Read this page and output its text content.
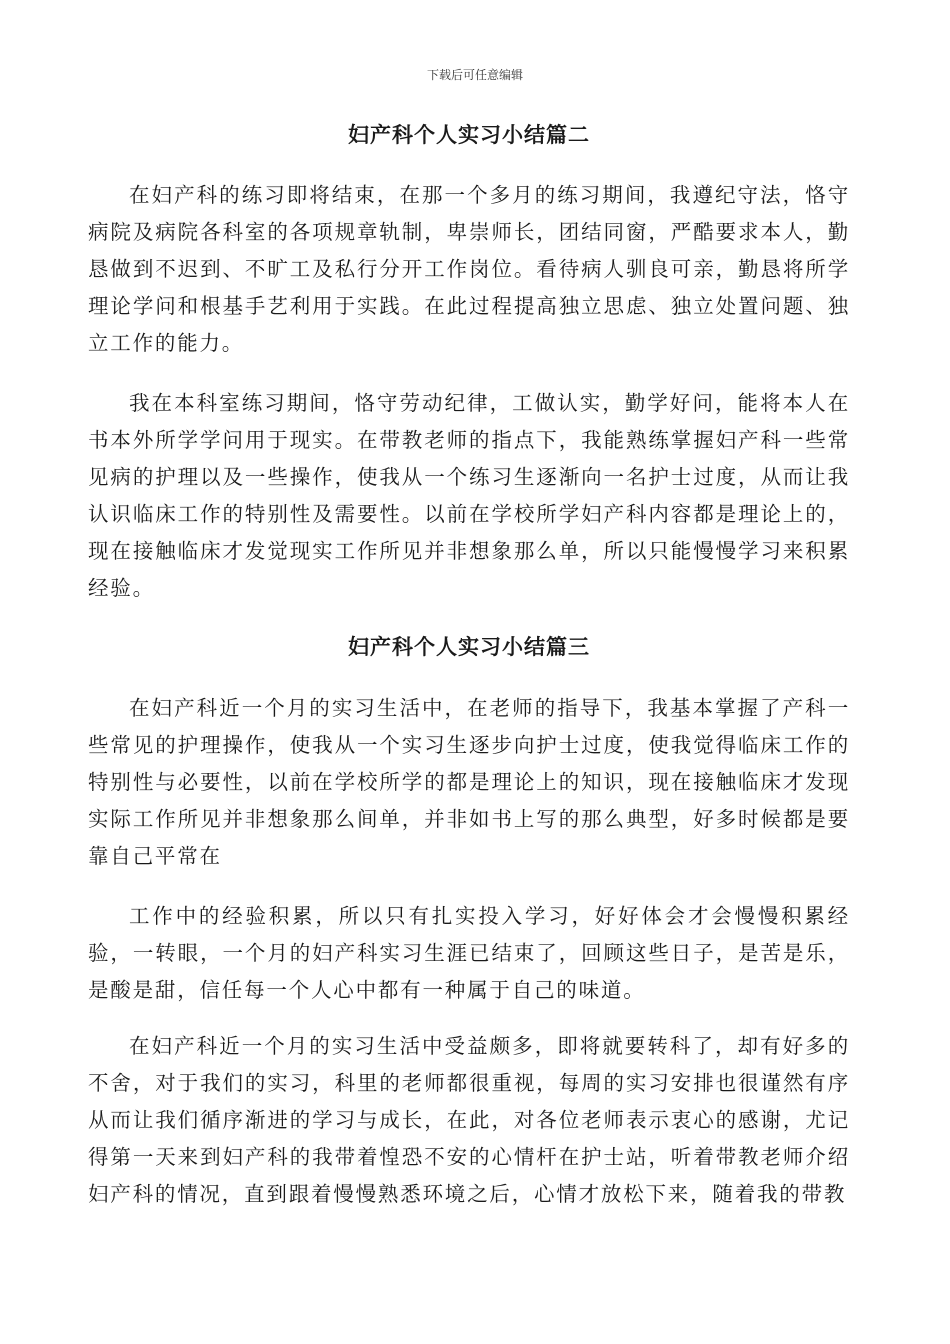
下载后可任意编辑
妇产科个人实习小结篇二

在妇产科的练习即将结束，在那一个多月的练习期间，我遵纪守法，恪守病院及病院各科室的各项规章轨制，卑崇师长，团结同窗，严酷要求本人，勤恳做到不迟到、不旷工及私行分开工作岗位。看待病人驯良可亲，勤恳将所学理论学问和根基手艺利用于实践。在此过程提高独立思虑、独立处置问题、独立工作的能力。

我在本科室练习期间，恪守劳动纪律，工做认实，勤学好问，能将本人在书本外所学学问用于现实。在带教老师的指点下，我能熟练掌握妇产科一些常见病的护理以及一些操作，使我从一个练习生逐渐向一名护士过度，从而让我认识临床工作的特别性及需要性。以前在学校所学妇产科内容都是理论上的，现在接触临床才发觉现实工作所见并非想象那么单，所以只能慢慢学习来积累经验。

妇产科个人实习小结篇三

在妇产科近一个月的实习生活中，在老师的指导下，我基本掌握了产科一些常见的护理操作，使我从一个实习生逐步向护士过度，使我觉得临床工作的特别性与必要性，以前在学校所学的都是理论上的知识，现在接触临床才发现实际工作所见并非想象那么间单，并非如书上写的那么典型，好多时候都是要靠自己平常在

工作中的经验积累，所以只有扎实投入学习，好好体会才会慢慢积累经验，一转眼，一个月的妇产科实习生涯已结束了，回顾这些日子，是苦是乐，是酸是甜，信任每一个人心中都有一种属于自己的味道。

在妇产科近一个月的实习生活中受益颇多，即将就要转科了，却有好多的不舍，对于我们的实习，科里的老师都很重视，每周的实习安排也很谨然有序从而让我们循序渐进的学习与成长，在此，对各位老师表示衷心的感谢，尤记得第一天来到妇产科的我带着惶恐不安的心情杆在护士站，听着带教老师介绍妇产科的情况，直到跟着慢慢熟悉环境之后，心情才放松下来，随着我的带教
